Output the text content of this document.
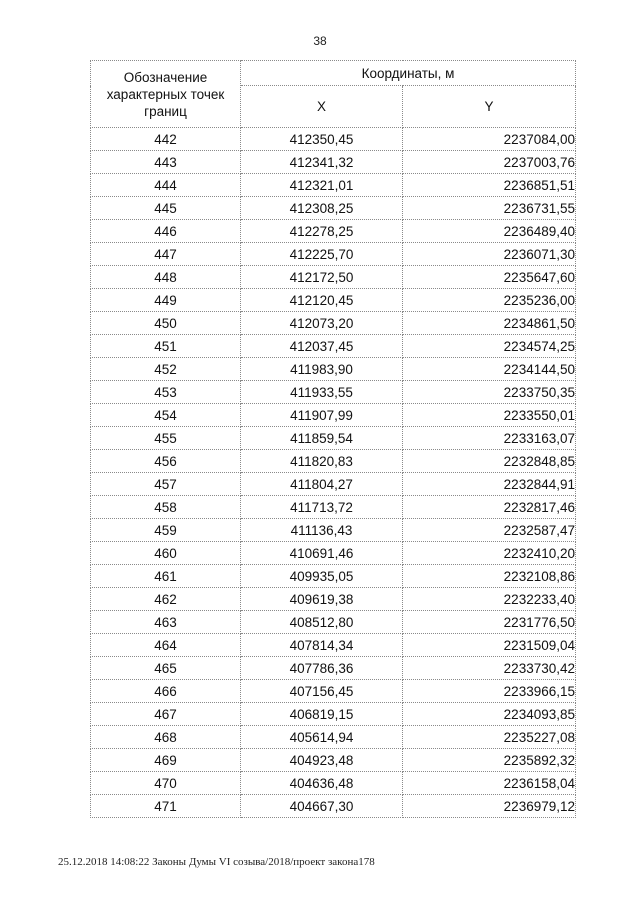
38
Обозначение характерных точек границ	Координаты, м	
	X	Y
442	412350,45	2237084,00
443	412341,32	2237003,76
444	412321,01	2236851,51
445	412308,25	2236731,55
446	412278,25	2236489,40
447	412225,70	2236071,30
448	412172,50	2235647,60
449	412120,45	2235236,00
450	412073,20	2234861,50
451	412037,45	2234574,25
452	411983,90	2234144,50
453	411933,55	2233750,35
454	411907,99	2233550,01
455	411859,54	2233163,07
456	411820,83	2232848,85
457	411804,27	2232844,91
458	411713,72	2232817,46
459	411136,43	2232587,47
460	410691,46	2232410,20
461	409935,05	2232108,86
462	409619,38	2232233,40
463	408512,80	2231776,50
464	407814,34	2231509,04
465	407786,36	2233730,42
466	407156,45	2233966,15
467	406819,15	2234093,85
468	405614,94	2235227,08
469	404923,48	2235892,32
470	404636,48	2236158,04
471	404667,30	2236979,12
25.12.2018 14:08:22 Законы Думы VI созыва/2018/проект закона178
